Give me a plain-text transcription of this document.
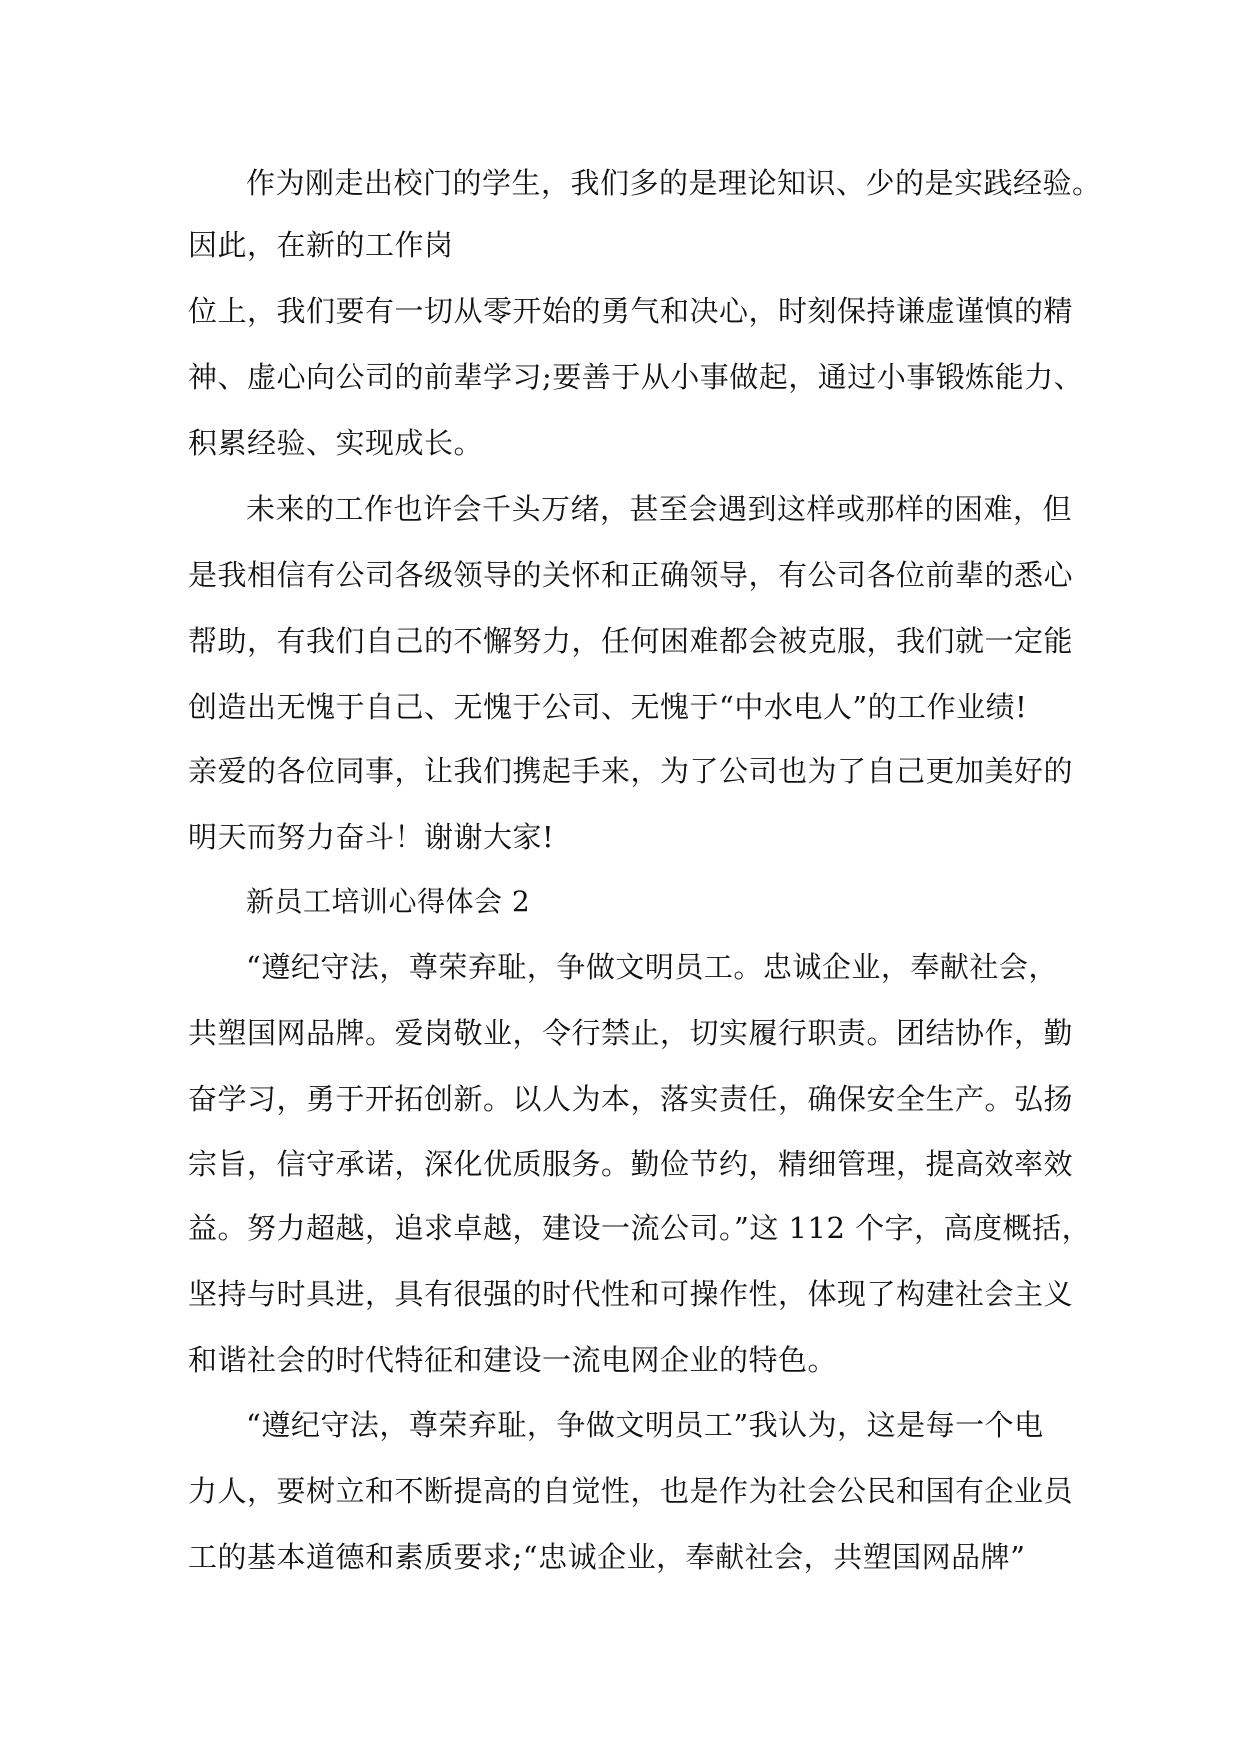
作为刚走出校门的学生，我们多的是理论知识、少的是实践经验。
因此，在新的工作岗
位上，我们要有一切从零开始的勇气和决心，时刻保持谦虚谨慎的精
神、虚心向公司的前辈学习;要善于从小事做起，通过小事锻炼能力、
积累经验、实现成长。
未来的工作也许会千头万绪，甚至会遇到这样或那样的困难，但
是我相信有公司各级领导的关怀和正确领导，有公司各位前辈的悉心
帮助，有我们自己的不懈努力，任何困难都会被克服，我们就一定能
创造出无愧于自己、无愧于公司、无愧于“中水电人”的工作业绩!
亲爱的各位同事，让我们携起手来，为了公司也为了自己更加美好的
明天而努力奋斗！谢谢大家!
新员工培训心得体会 2
“遵纪守法，尊荣弃耻，争做文明员工。忠诚企业，奉献社会，
共塑国网品牌。爱岗敬业，令行禁止，切实履行职责。团结协作，勤
奋学习，勇于开拓创新。以人为本，落实责任，确保安全生产。弘扬
宗旨，信守承诺，深化优质服务。勤俭节约，精细管理，提高效率效
益。努力超越，追求卓越，建设一流公司。”这 112 个字，高度概括，
坚持与时具进，具有很强的时代性和可操作性，体现了构建社会主义
和谐社会的时代特征和建设一流电网企业的特色。
“遵纪守法，尊荣弃耻，争做文明员工”我认为，这是每一个电
力人，要树立和不断提高的自觉性，也是作为社会公民和国有企业员
工的基本道德和素质要求;“忠诚企业，奉献社会，共塑国网品牌”
